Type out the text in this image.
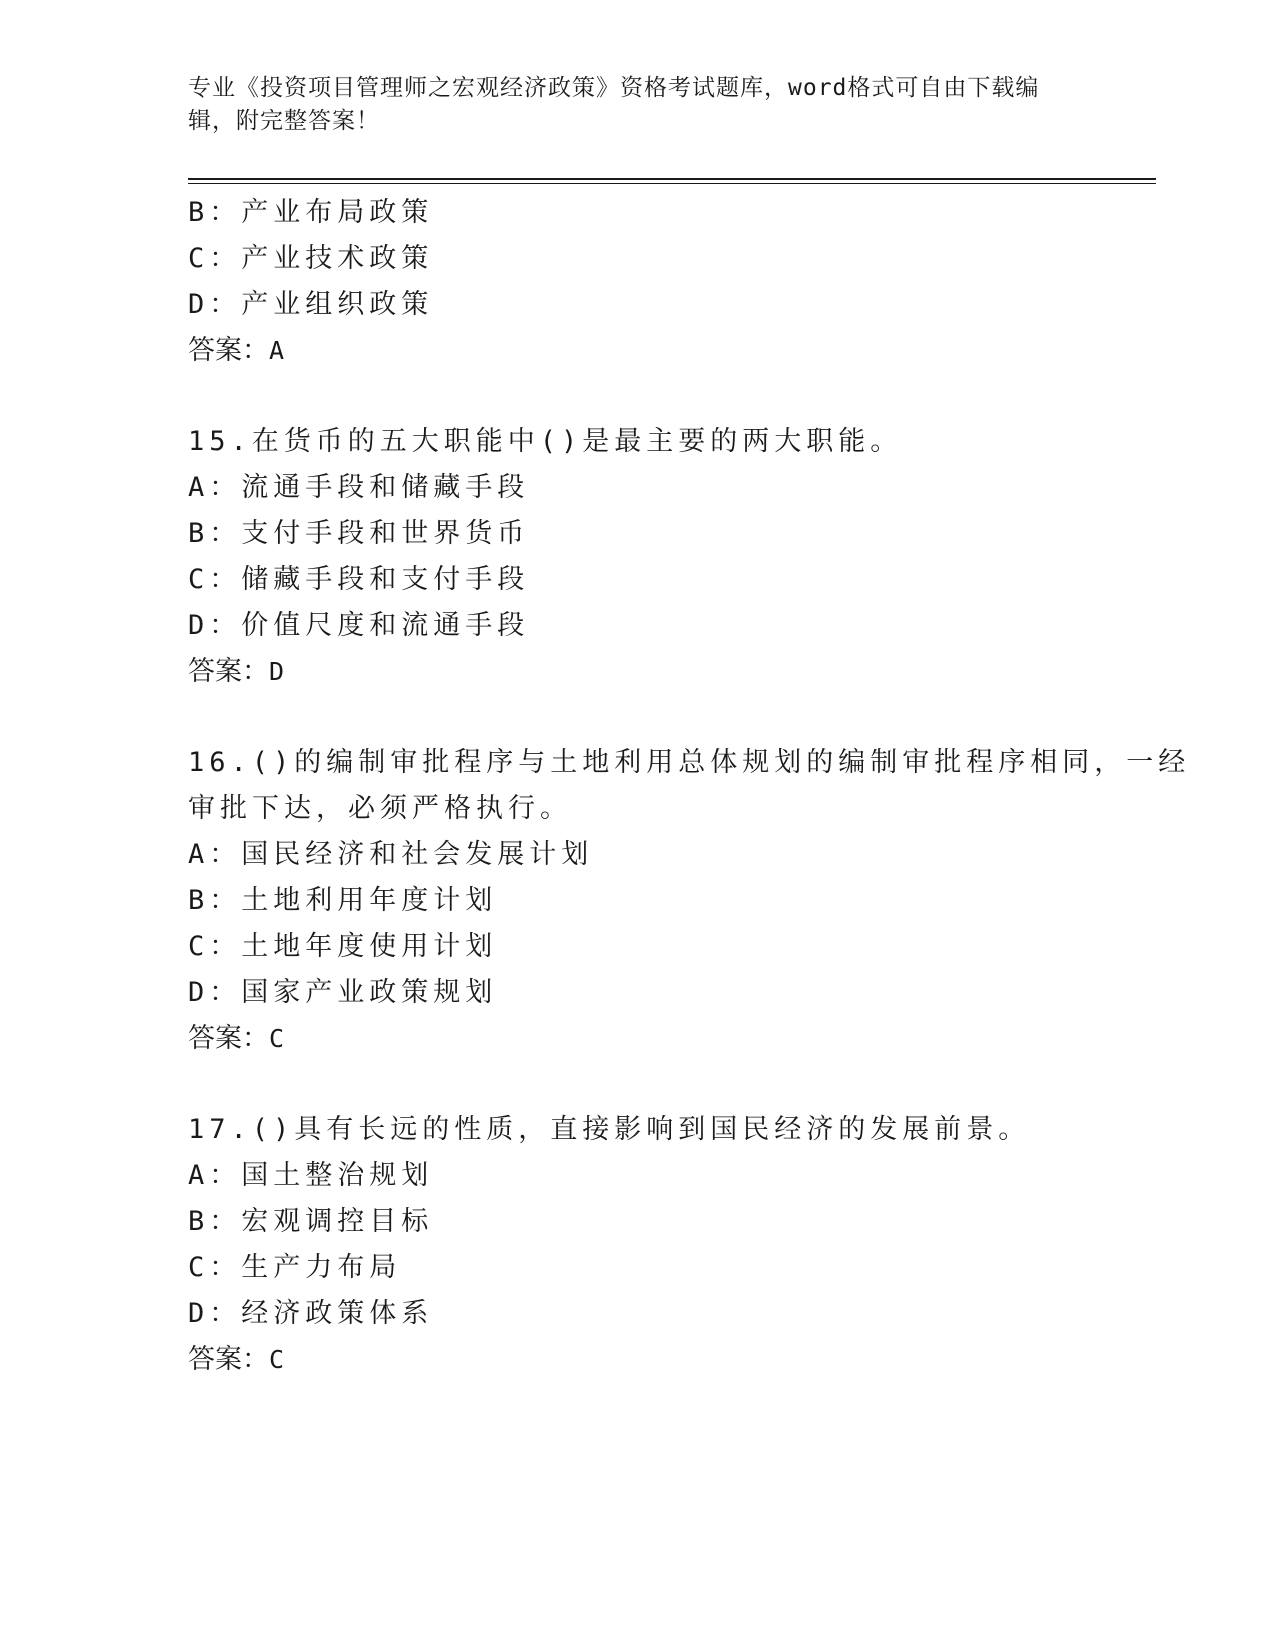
专业《投资项目管理师之宏观经济政策》资格考试题库，word格式可自由下载编辑，附完整答案！
B：产业布局政策
C：产业技术政策
D：产业组织政策
答案：A
15.在货币的五大职能中()是最主要的两大职能。
A：流通手段和储藏手段
B：支付手段和世界货币
C：储藏手段和支付手段
D：价值尺度和流通手段
答案：D
16.()的编制审批程序与土地利用总体规划的编制审批程序相同，一经
审批下达，必须严格执行。
A：国民经济和社会发展计划
B：土地利用年度计划
C：土地年度使用计划
D：国家产业政策规划
答案：C
17.()具有长远的性质，直接影响到国民经济的发展前景。
A：国土整治规划
B：宏观调控目标
C：生产力布局
D：经济政策体系
答案：C
